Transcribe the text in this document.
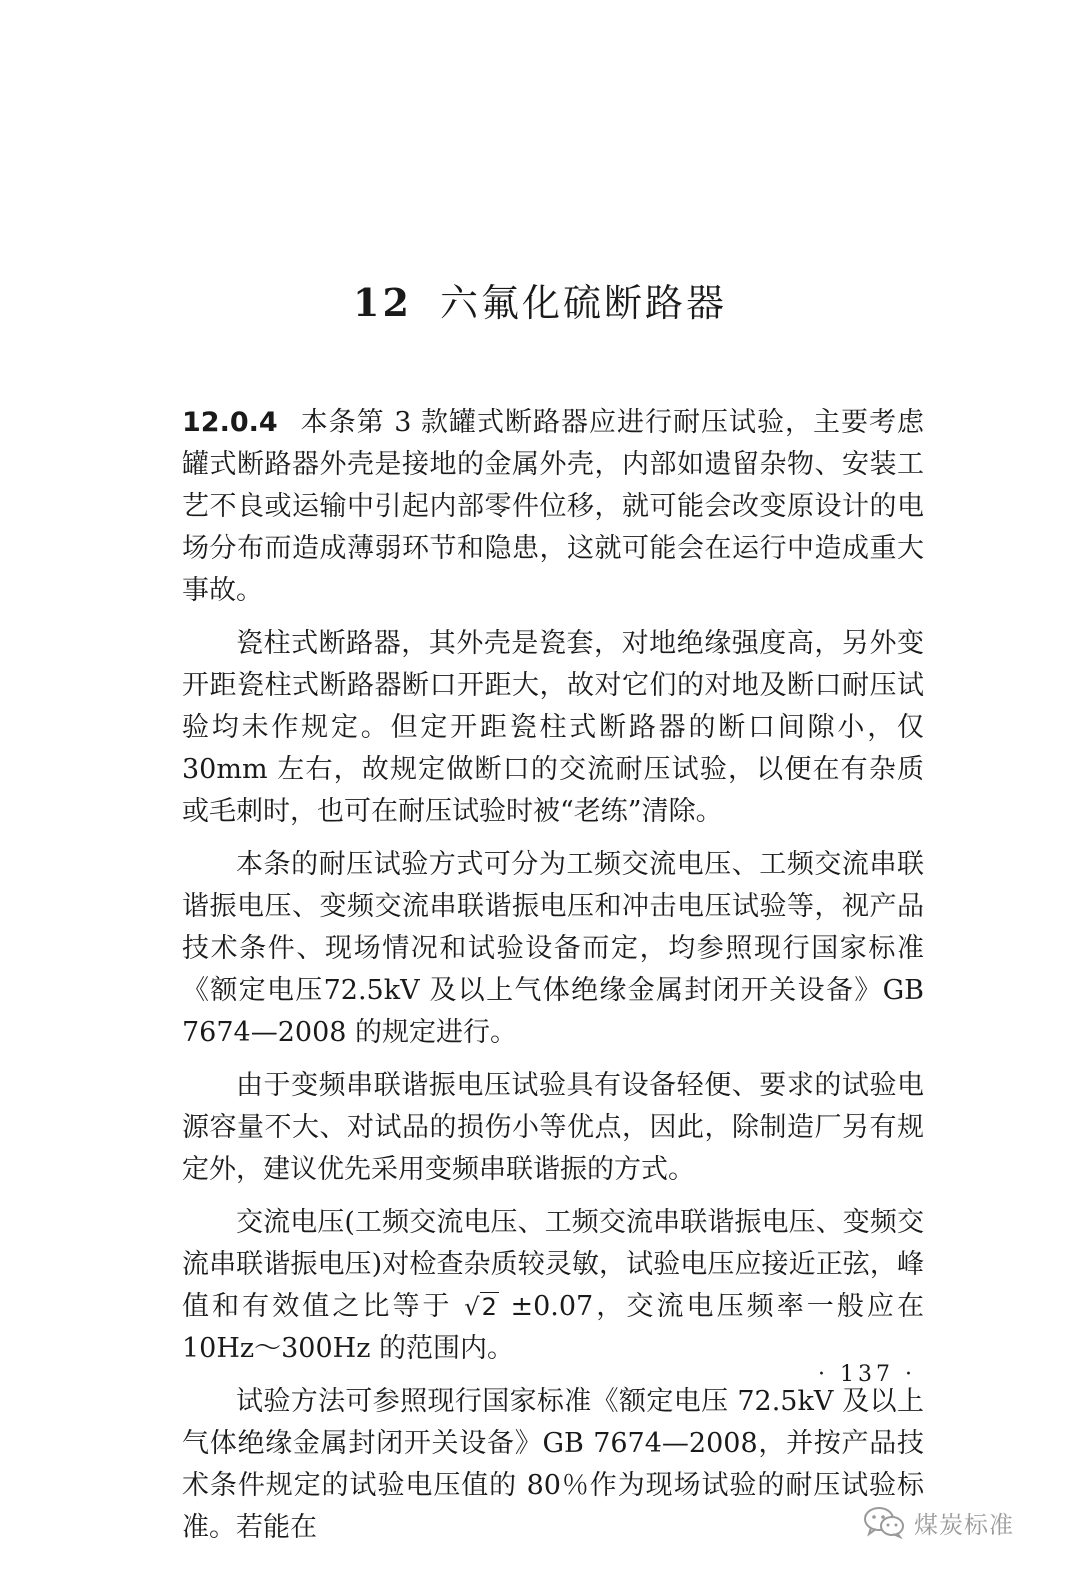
12 六氟化硫断路器

12.0.4 本条第 3 款罐式断路器应进行耐压试验，主要考虑罐式断路器外壳是接地的金属外壳，内部如遗留杂物、安装工艺不良或运输中引起内部零件位移，就可能会改变原设计的电场分布而造成薄弱环节和隐患，这就可能会在运行中造成重大事故。

瓷柱式断路器，其外壳是瓷套，对地绝缘强度高，另外变开距瓷柱式断路器断口开距大，故对它们的对地及断口耐压试验均未作规定。但定开距瓷柱式断路器的断口间隙小，仅 30mm 左右，故规定做断口的交流耐压试验，以便在有杂质或毛刺时，也可在耐压试验时被“老练”清除。

本条的耐压试验方式可分为工频交流电压、工频交流串联谐振电压、变频交流串联谐振电压和冲击电压试验等，视产品技术条件、现场情况和试验设备而定，均参照现行国家标准《额定电压72.5kV 及以上气体绝缘金属封闭开关设备》GB 7674—2008 的规定进行。

由于变频串联谐振电压试验具有设备轻便、要求的试验电源容量不大、对试品的损伤小等优点，因此，除制造厂另有规定外，建议优先采用变频串联谐振的方式。

交流电压(工频交流电压、工频交流串联谐振电压、变频交流串联谐振电压)对检查杂质较灵敏，试验电压应接近正弦，峰值和有效值之比等于 √2 ±0.07，交流电压频率一般应在 10Hz～300Hz 的范围内。

试验方法可参照现行国家标准《额定电压 72.5kV 及以上气体绝缘金属封闭开关设备》GB 7674—2008，并按产品技术条件规定的试验电压值的 80％作为现场试验的耐压试验标准。若能在

· 137 ·
煤炭标准
